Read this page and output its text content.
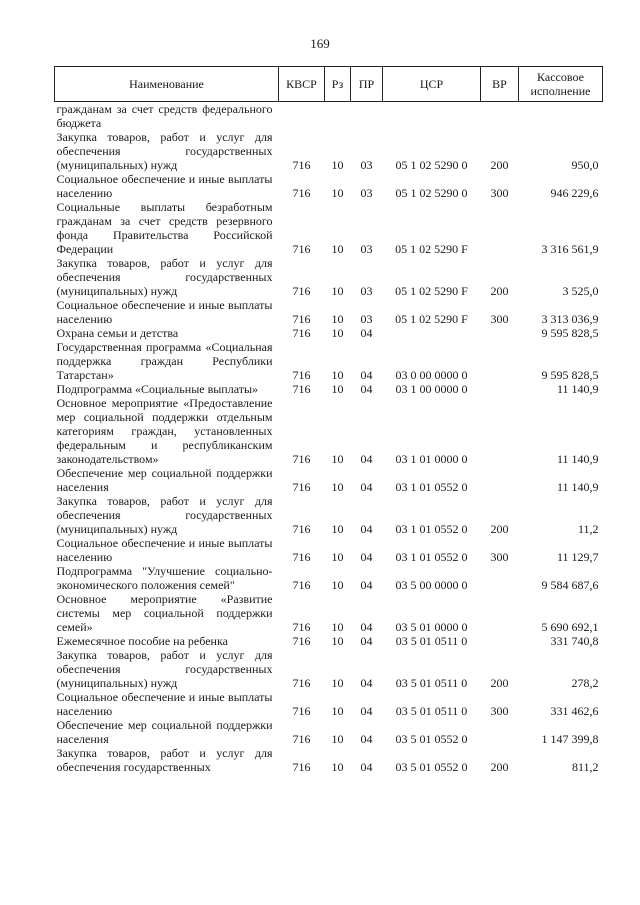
169
Наименование	КВСР	Рз	ПР	ЦСР	ВР	Кассовое исполнение
гражданам за счет средств федерального бюджета						
Закупка товаров, работ и услуг для обеспечения государственных (муниципальных) нужд	716	10	03	05 1 02 5290 0	200	950,0
Социальное обеспечение и иные выплаты населению	716	10	03	05 1 02 5290 0	300	946 229,6
Социальные выплаты безработным гражданам за счет средств резервного фонда Правительства Российской Федерации	716	10	03	05 1 02 5290 F		3 316 561,9
Закупка товаров, работ и услуг для обеспечения государственных (муниципальных) нужд	716	10	03	05 1 02 5290 F	200	3 525,0
Социальное обеспечение и иные выплаты населению	716	10	03	05 1 02 5290 F	300	3 313 036,9
Охрана семьи и детства	716	10	04			9 595 828,5
Государственная программа «Социальная поддержка граждан Республики Татарстан»	716	10	04	03 0 00 0000 0		9 595 828,5
Подпрограмма «Социальные выплаты»	716	10	04	03 1 00 0000 0		11 140,9
Основное мероприятие «Предоставление мер социальной поддержки отдельным категориям граждан, установленных федеральным и республиканским законодательством»	716	10	04	03 1 01 0000 0		11 140,9
Обеспечение мер социальной поддержки населения	716	10	04	03 1 01 0552 0		11 140,9
Закупка товаров, работ и услуг для обеспечения государственных (муниципальных) нужд	716	10	04	03 1 01 0552 0	200	11,2
Социальное обеспечение и иные выплаты населению	716	10	04	03 1 01 0552 0	300	11 129,7
Подпрограмма "Улучшение социально-экономического положения семей"	716	10	04	03 5 00 0000 0		9 584 687,6
Основное мероприятие «Развитие системы мер социальной поддержки семей»	716	10	04	03 5 01 0000 0		5 690 692,1
Ежемесячное пособие на ребенка	716	10	04	03 5 01 0511 0		331 740,8
Закупка товаров, работ и услуг для обеспечения государственных (муниципальных) нужд	716	10	04	03 5 01 0511 0	200	278,2
Социальное обеспечение и иные выплаты населению	716	10	04	03 5 01 0511 0	300	331 462,6
Обеспечение мер социальной поддержки населения	716	10	04	03 5 01 0552 0		1 147 399,8
Закупка товаров, работ и услуг для обеспечения государственных	716	10	04	03 5 01 0552 0	200	811,2
